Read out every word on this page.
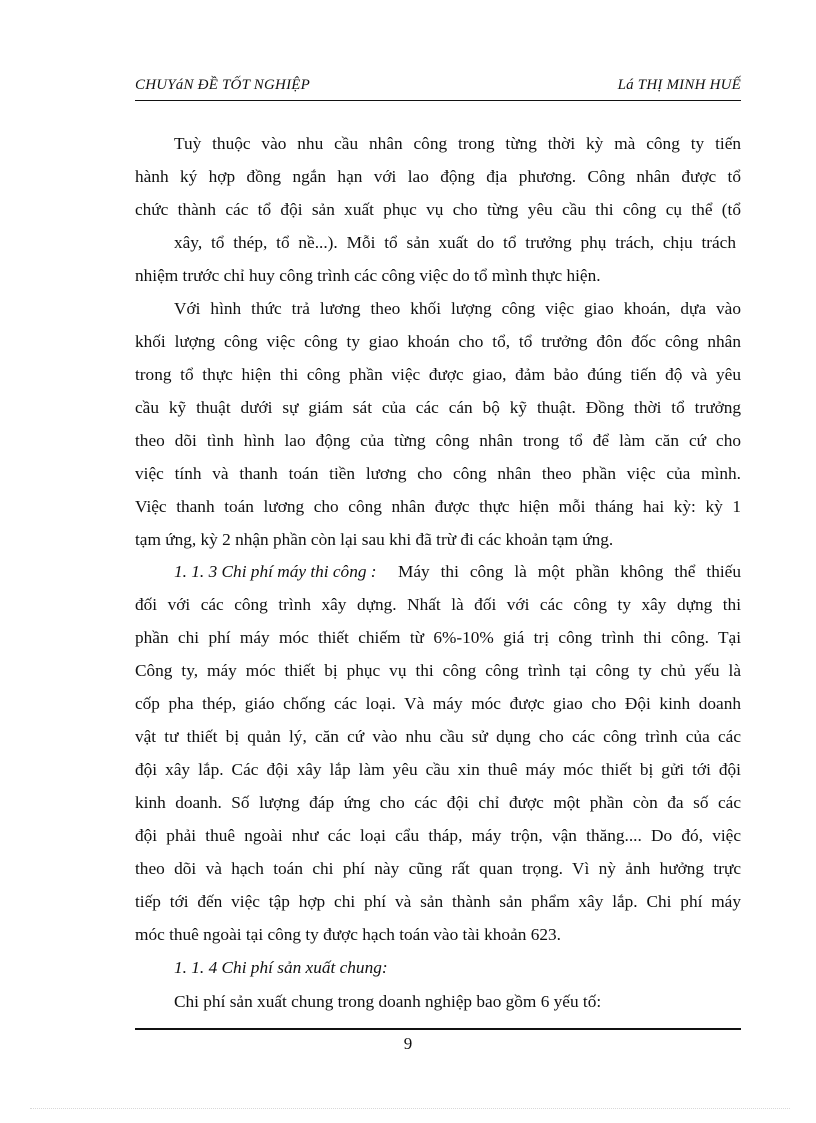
CHUYáN ĐỀ TỐT NGHIỆP	Lá THỊ MINH HUẾ
Tuỳ thuộc vào nhu cầu nhân công trong từng thời kỳ mà công ty tiến
hành ký hợp đồng ngắn hạn với lao động địa phương. Công nhân được tổ
chức thành các tổ đội sản xuất phục vụ cho từng yêu cầu thi công cụ thể (tổ
xây, tổ thép, tổ nề...). Mỗi tổ sản xuất do tổ trưởng phụ trách, chịu trách
nhiệm trước chỉ huy công trình các công việc do tổ mình thực hiện.
Với hình thức trả lương theo khối lượng công việc giao khoán, dựa vào
khối lượng công việc công ty giao khoán cho tổ, tổ trưởng đôn đốc công nhân
trong tổ thực hiện thi công phần việc được giao, đảm bảo đúng tiến độ và yêu
cầu kỹ thuật dưới sự giám sát của các cán bộ kỹ thuật. Đồng thời tổ trưởng
theo dõi tình hình lao động của từng công nhân trong tổ để làm căn cứ cho
việc tính và thanh toán tiền lương cho công nhân theo phần việc của mình.
Việc thanh toán lương cho công nhân được thực hiện mỗi tháng hai kỳ: kỳ 1
tạm ứng, kỳ 2 nhận phần còn lại sau khi đã trừ đi các khoản tạm ứng.
1. 1. 3 Chi phí máy thi công : Máy thi công là một phần không thể thiếu
đối với các công trình xây dựng. Nhất là đối với các công ty xây dựng thi
phần chi phí máy móc thiết chiếm từ 6%-10% giá trị công trình thi công. Tại
Công ty, máy móc thiết bị phục vụ thi công công trình tại công ty chủ yếu là
cốp pha thép, giáo chống các loại. Và máy móc được giao cho Đội kinh doanh
vật tư thiết bị quản lý, căn cứ vào nhu cầu sử dụng cho các công trình của các
đội xây lắp. Các đội xây lắp làm yêu cầu xin thuê máy móc thiết bị gửi tới đội
kinh doanh. Số lượng đáp ứng cho các đội chỉ được một phần còn đa số các
đội phải thuê ngoài như các loại cẩu tháp, máy trộn, vận thăng.... Do đó, việc
theo dõi và hạch toán chi phí này cũng rất quan trọng. Vì nỳ ảnh hưởng trực
tiếp tới đến việc tập hợp chi phí và sản thành sản phẩm xây lắp. Chi phí máy
móc thuê ngoài tại công ty được hạch toán vào tài khoản 623.
1. 1. 4 Chi phí sản xuất chung:
Chi phí sản xuất chung trong doanh nghiệp bao gồm 6 yếu tố:
9
